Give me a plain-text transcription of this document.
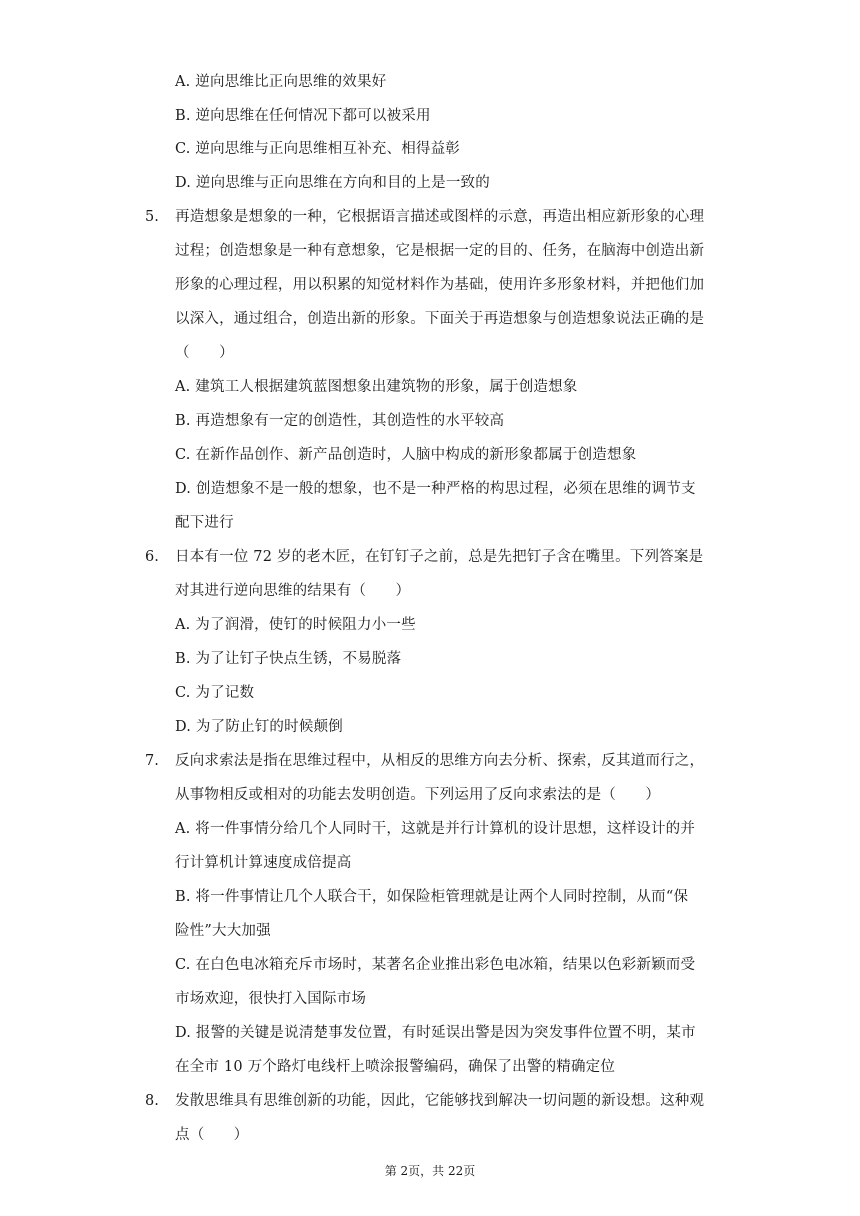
A. 逆向思维比正向思维的效果好
B. 逆向思维在任何情况下都可以被采用
C. 逆向思维与正向思维相互补充、相得益彰
D. 逆向思维与正向思维在方向和目的上是一致的
5. 再造想象是想象的一种，它根据语言描述或图样的示意，再造出相应新形象的心理
过程；创造想象是一种有意想象，它是根据一定的目的、任务，在脑海中创造出新
形象的心理过程，用以积累的知觉材料作为基础，使用许多形象材料，并把他们加
以深入，通过组合，创造出新的形象。下面关于再造想象与创造想象说法正确的是
（　　）
A. 建筑工人根据建筑蓝图想象出建筑物的形象，属于创造想象
B. 再造想象有一定的创造性，其创造性的水平较高
C. 在新作品创作、新产品创造时，人脑中构成的新形象都属于创造想象
D. 创造想象不是一般的想象，也不是一种严格的构思过程，必须在思维的调节支
配下进行
6. 日本有一位 72 岁的老木匠，在钉钉子之前，总是先把钉子含在嘴里。下列答案是
对其进行逆向思维的结果有（　　）
A. 为了润滑，使钉的时候阻力小一些
B. 为了让钉子快点生锈，不易脱落
C. 为了记数
D. 为了防止钉的时候颠倒
7. 反向求索法是指在思维过程中，从相反的思维方向去分析、探索，反其道而行之，
从事物相反或相对的功能去发明创造。下列运用了反向求索法的是（　　）
A. 将一件事情分给几个人同时干，这就是并行计算机的设计思想，这样设计的并
行计算机计算速度成倍提高
B. 将一件事情让几个人联合干，如保险柜管理就是让两个人同时控制，从而“保
险性”大大加强
C. 在白色电冰箱充斥市场时，某著名企业推出彩色电冰箱，结果以色彩新颖而受
市场欢迎，很快打入国际市场
D. 报警的关键是说清楚事发位置，有时延误出警是因为突发事件位置不明，某市
在全市 10 万个路灯电线杆上喷涂报警编码，确保了出警的精确定位
8. 发散思维具有思维创新的功能，因此，它能够找到解决一切问题的新设想。这种观
点（　　）
第 2页，共 22页
